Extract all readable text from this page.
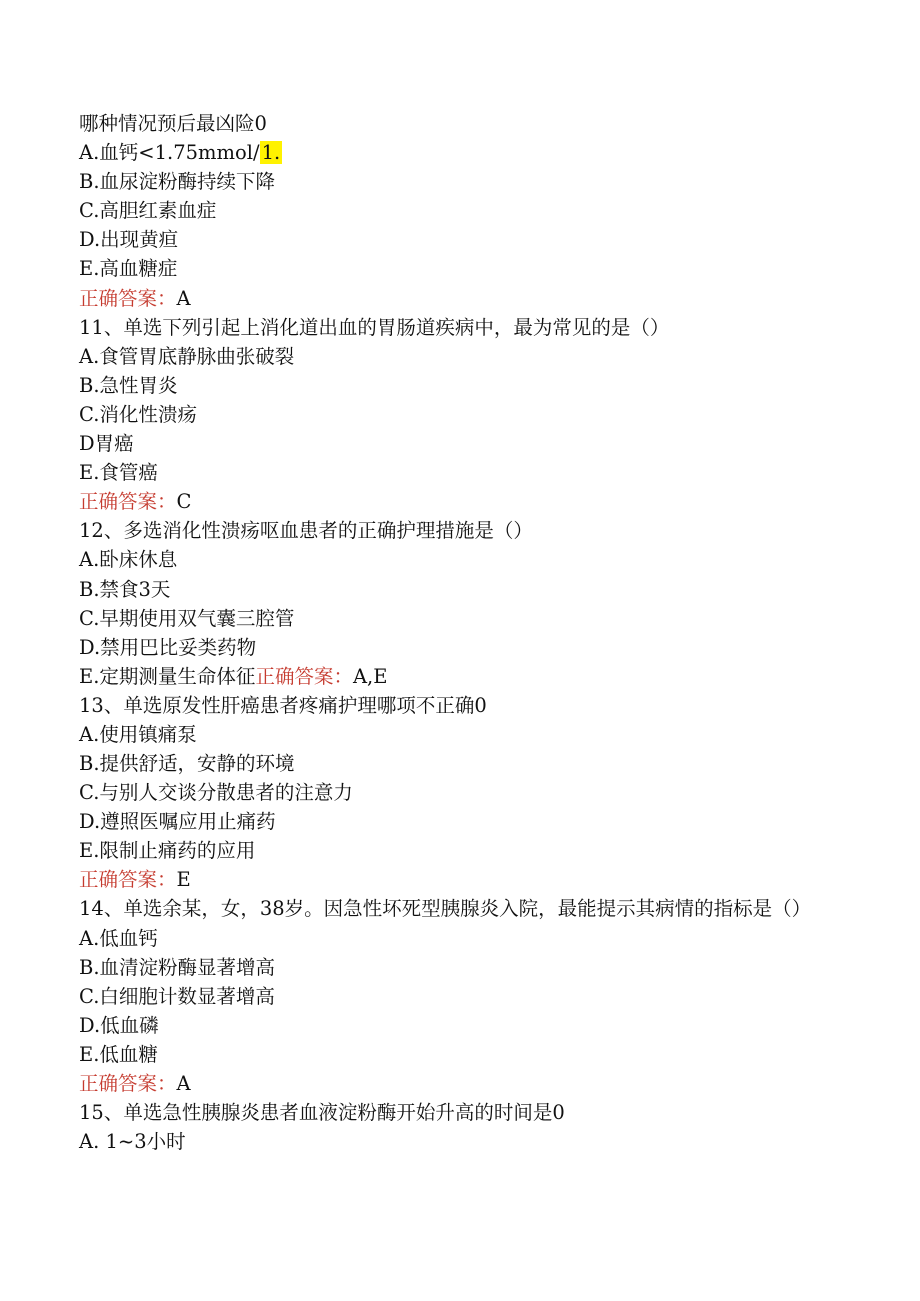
哪种情况预后最凶险0
A.血钙<1.75mmol/ 1.
B.血尿淀粉酶持续下降
C.高胆红素血症
D.出现黄疸
E.高血糖症
正确答案：A
11、单选下列引起上消化道出血的胃肠道疾病中，最为常见的是（）
A.食管胃底静脉曲张破裂
B.急性胃炎
C.消化性溃疡
D胃癌
E.食管癌
正确答案：C
12、多选消化性溃疡呕血患者的正确护理措施是（）
A.卧床休息
B.禁食3天
C.早期使用双气囊三腔管
D.禁用巴比妥类药物
E.定期测量生命体征正确答案：A,E
13、单选原发性肝癌患者疼痛护理哪项不正确0
A.使用镇痛泵
B.提供舒适，安静的环境
C.与别人交谈分散患者的注意力
D.遵照医嘱应用止痛药
E.限制止痛药的应用
正确答案：E
14、单选余某，女，38岁。因急性坏死型胰腺炎入院，最能提示其病情的指标是（）
A.低血钙
B.血清淀粉酶显著增高
C.白细胞计数显著增高
D.低血磷
E.低血糖
正确答案：A
15、单选急性胰腺炎患者血液淀粉酶开始升高的时间是0
A. 1~3小时
